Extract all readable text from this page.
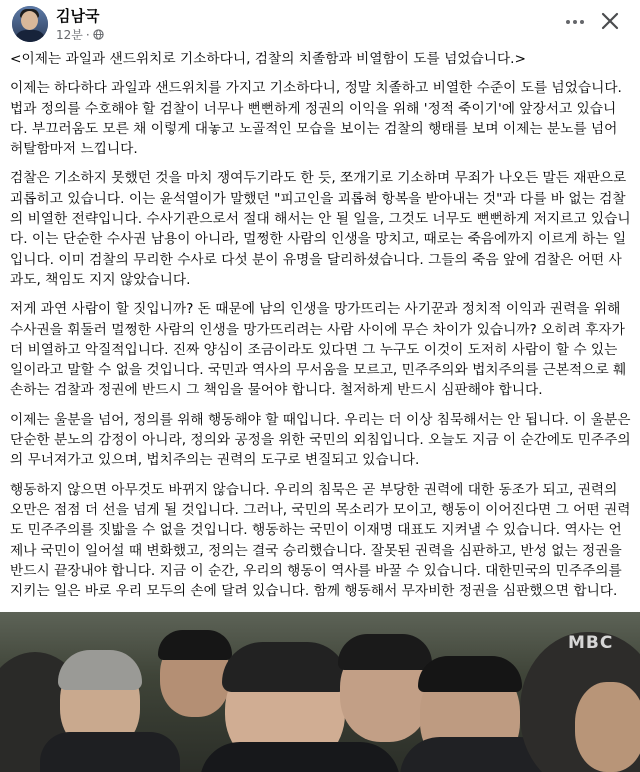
김남국
12분 ·

<이제는 과일과 샌드위치로 기소하다니, 검찰의 치졸함과 비열함이 도를 넘었습니다.>

이제는 하다하다 과일과 샌드위치를 가지고 기소하다니, 정말 치졸하고 비열한 수준이 도를 넘었습니다. 법과 정의를 수호해야 할 검찰이 너무나 뻔뻔하게 정권의 이익을 위해 '정적 죽이기'에 앞장서고 있습니다. 부끄러움도 모른 채 이렇게 대놓고 노골적인 모습을 보이는 검찰의 행태를 보며 이제는 분노를 넘어 허탈함마저 느낍니다.

검찰은 기소하지 못했던 것을 마치 쟁여두기라도 한 듯, 쪼개기로 기소하며 무죄가 나오든 말든 재판으로 괴롭히고 있습니다. 이는 윤석열이가 말했던 "피고인을 괴롭혀 항복을 받아내는 것"과 다를 바 없는 검찰의 비열한 전략입니다. 수사기관으로서 절대 해서는 안 될 일을, 그것도 너무도 뻔뻔하게 저지르고 있습니다. 이는 단순한 수사권 남용이 아니라, 멀쩡한 사람의 인생을 망치고, 때로는 죽음에까지 이르게 하는 일입니다. 이미 검찰의 무리한 수사로 다섯 분이 유명을 달리하셨습니다. 그들의 죽음 앞에 검찰은 어떤 사과도, 책임도 지지 않았습니다.

저게 과연 사람이 할 짓입니까? 돈 때문에 남의 인생을 망가뜨리는 사기꾼과 정치적 이익과 권력을 위해 수사권을 휘둘러 멀쩡한 사람의 인생을 망가뜨리려는 사람 사이에 무슨 차이가 있습니까? 오히려 후자가 더 비열하고 악질적입니다. 진짜 양심이 조금이라도 있다면 그 누구도 이것이 도저히 사람이 할 수 있는 일이라고 말할 수 없을 것입니다. 국민과 역사의 무서움을 모르고, 민주주의와 법치주의를 근본적으로 훼손하는 검찰과 정권에 반드시 그 책임을 물어야 합니다. 철저하게 반드시 심판해야 합니다.

이제는 울분을 넘어, 정의를 위해 행동해야 할 때입니다. 우리는 더 이상 침묵해서는 안 됩니다. 이 울분은 단순한 분노의 감정이 아니라, 정의와 공정을 위한 국민의 외침입니다. 오늘도 지금 이 순간에도 민주주의의 무너져가고 있으며, 법치주의는 권력의 도구로 변질되고 있습니다.

행동하지 않으면 아무것도 바뀌지 않습니다. 우리의 침묵은 곧 부당한 권력에 대한 동조가 되고, 권력의 오만은 점점 더 선을 넘게 될 것입니다. 그러나, 국민의 목소리가 모이고, 행동이 이어진다면 그 어떤 권력도 민주주의를 짓밟을 수 없을 것입니다. 행동하는 국민이 이재명 대표도 지켜낼 수 있습니다. 역사는 언제나 국민이 일어설 때 변화했고, 정의는 결국 승리했습니다. 잘못된 권력을 심판하고, 반성 없는 정권을 반드시 끝장내야 합니다. 지금 이 순간, 우리의 행동이 역사를 바꿀 수 있습니다. 대한민국의 민주주의를 지키는 일은 바로 우리 모두의 손에 달려 있습니다. 함께 행동해서 무자비한 정권을 심판했으면 합니다.

MBC
